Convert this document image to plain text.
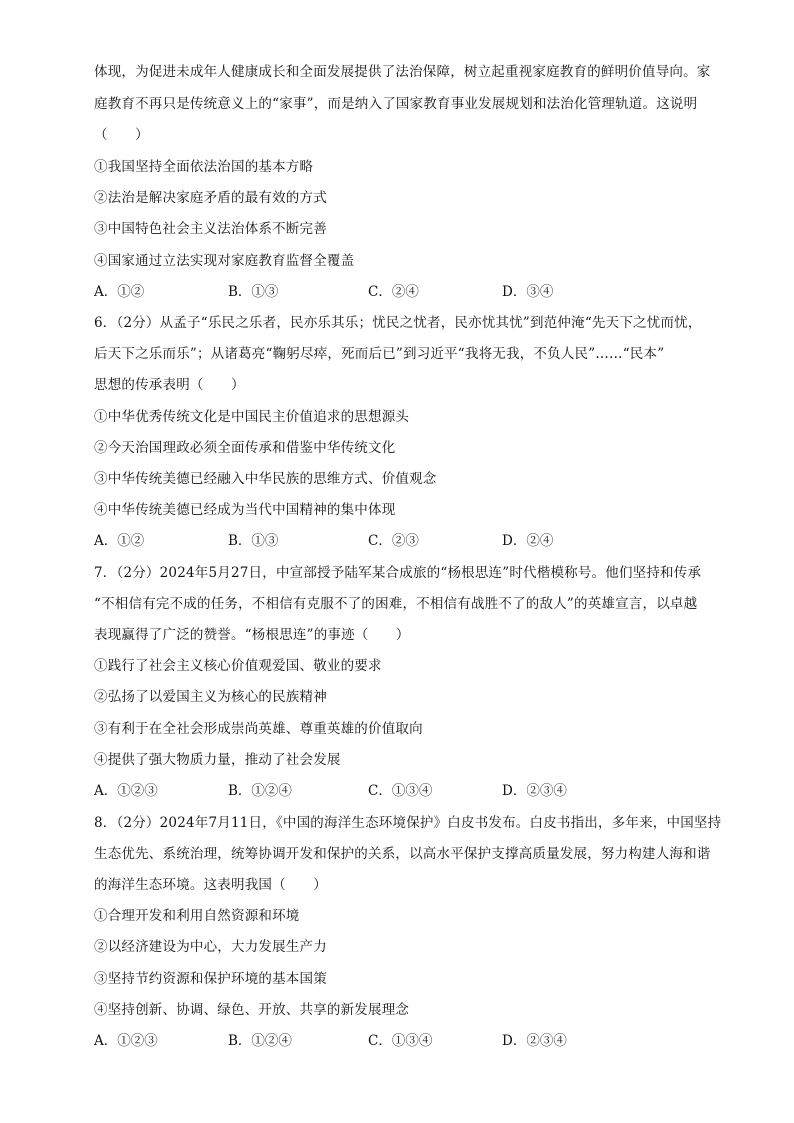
体现，为促进未成年人健康成长和全面发展提供了法治保障，树立起重视家庭教育的鲜明价值导向。家
庭教育不再只是传统意义上的“家事”，而是纳入了国家教育事业发展规划和法治化管理轨道。这说明
（　　）
①我国坚持全面依法治国的基本方略
②法治是解决家庭矛盾的最有效的方式
③中国特色社会主义法治体系不断完善
④国家通过立法实现对家庭教育监督全覆盖
A．①②	B．①③	C．②④	D．③④
6．（2分）从孟子“乐民之乐者，民亦乐其乐；忧民之忧者，民亦忧其忧”到范仲淹“先天下之忧而忧，
后天下之乐而乐”；从诸葛亮“鞠躬尽瘁，死而后已”到习近平“我将无我，不负人民”……“民本”
思想的传承表明（　　）
①中华优秀传统文化是中国民主价值追求的思想源头
②今天治国理政必须全面传承和借鉴中华传统文化
③中华传统美德已经融入中华民族的思维方式、价值观念
④中华传统美德已经成为当代中国精神的集中体现
A．①②	B．①③	C．②③	D．②④
7．（2分）2024年5月27日，中宣部授予陆军某合成旅的“杨根思连”时代楷模称号。他们坚持和传承
“不相信有完不成的任务，不相信有克服不了的困难，不相信有战胜不了的敌人”的英雄宣言，以卓越
表现赢得了广泛的赞誉。“杨根思连”的事迹（　　）
①践行了社会主义核心价值观爱国、敬业的要求
②弘扬了以爱国主义为核心的民族精神
③有利于在全社会形成崇尚英雄、尊重英雄的价值取向
④提供了强大物质力量，推动了社会发展
A．①②③	B．①②④	C．①③④	D．②③④
8．（2分）2024年7月11日，《中国的海洋生态环境保护》白皮书发布。白皮书指出，多年来，中国坚持
生态优先、系统治理，统筹协调开发和保护的关系，以高水平保护支撑高质量发展，努力构建人海和谐
的海洋生态环境。这表明我国（　　）
①合理开发和利用自然资源和环境
②以经济建设为中心，大力发展生产力
③坚持节约资源和保护环境的基本国策
④坚持创新、协调、绿色、开放、共享的新发展理念
A．①②③	B．①②④	C．①③④	D．②③④
